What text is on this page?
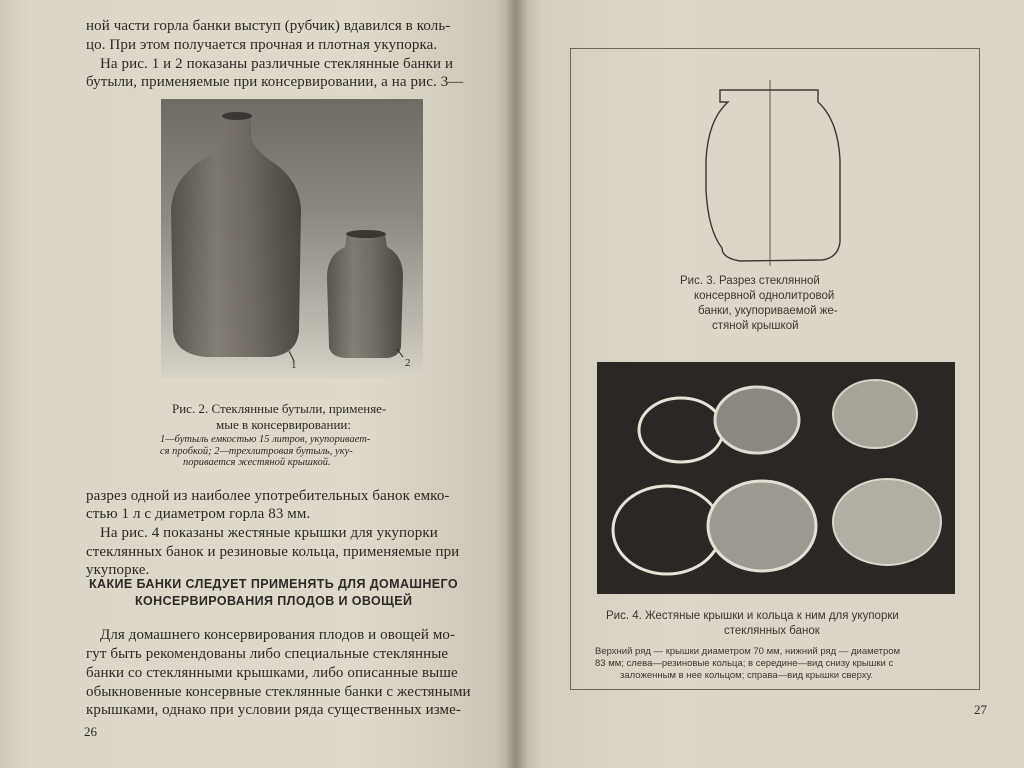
ной части горла банки выступ (рубчик) вдавился в коль-
цо. При этом получается прочная и плотная укупорка.
На рис. 1 и 2 показаны различные стеклянные банки и
бутыли, применяемые при консервировании, а на рис. 3—
1	2
Рис. 2. Стеклянные бутыли, применяе-
мые в консервировании:
1—бутыль емкостью 15 литров, укупоривает-
ся пробкой; 2—трехлитровая бутыль, уку-
поривается жестяной крышкой.
разрез одной из наиболее употребительных банок емко-
стью 1 л с диаметром горла 83 мм.
На рис. 4 показаны жестяные крышки для укупорки
стеклянных банок и резиновые кольца, применяемые при
укупорке.
КАКИЕ БАНКИ СЛЕДУЕТ ПРИМЕНЯТЬ ДЛЯ ДОМАШНЕГО
КОНСЕРВИРОВАНИЯ ПЛОДОВ И ОВОЩЕЙ
Для домашнего консервирования плодов и овощей мо-
гут быть рекомендованы либо специальные стеклянные
банки со стеклянными крышками, либо описанные выше
обыкновенные консервные стеклянные банки с жестяными
крышками, однако при условии ряда существенных изме-
26
Рис. 3. Разрез стеклянной
консервной однолитровой
банки, укупориваемой же-
стяной крышкой
Рис. 4. Жестяные крышки и кольца к ним для укупорки
стеклянных банок
Верхний ряд — крышки диаметром 70 мм, нижний ряд — диаметром
83 мм; слева—резиновые кольца; в середине—вид снизу крышки с
заложенным в нее кольцом; справа—вид крышки сверху.
27
